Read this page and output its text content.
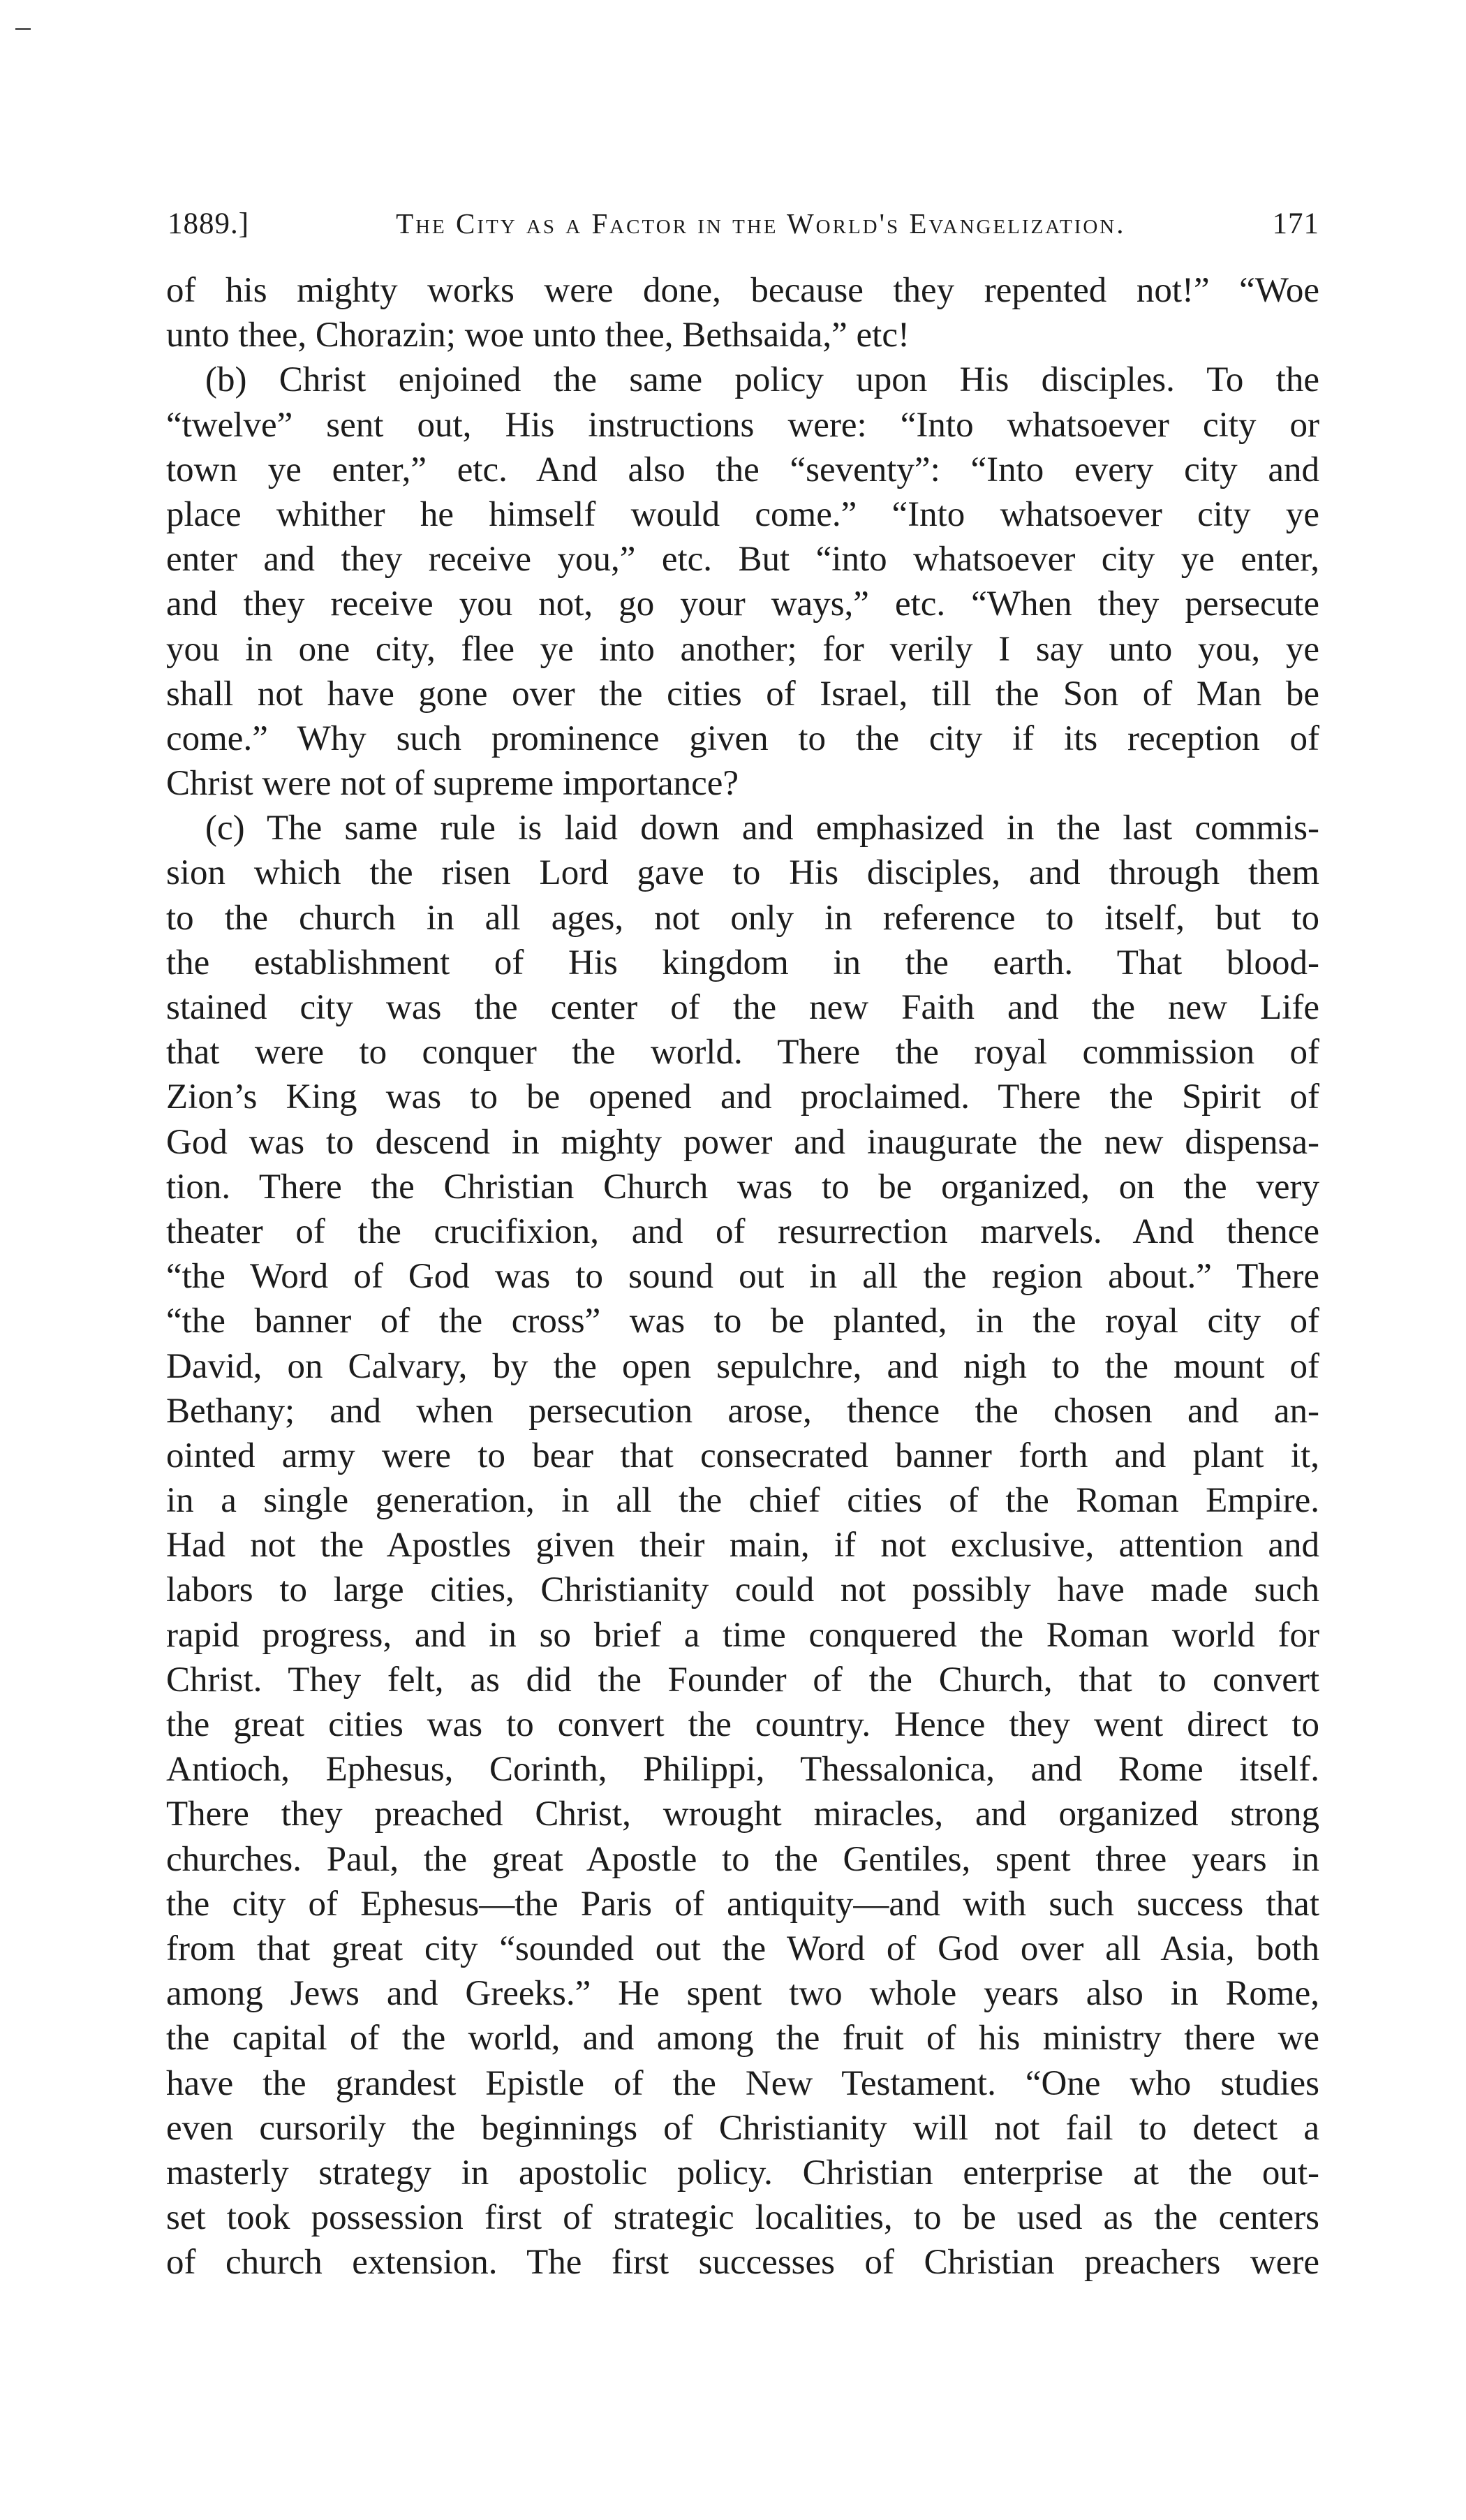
1889.]	The City as a Factor in the World's Evangelization.	171
of his mighty works were done, because they repented not!” “Woe
unto thee, Chorazin; woe unto thee, Bethsaida,” etc!
(b) Christ enjoined the same policy upon His disciples. To the
“twelve” sent out, His instructions were: “Into whatsoever city or
town ye enter,” etc. And also the “seventy”: “Into every city and
place whither he himself would come.” “Into whatsoever city ye
enter and they receive you,” etc. But “into whatsoever city ye enter,
and they receive you not, go your ways,” etc. “When they persecute
you in one city, flee ye into another; for verily I say unto you, ye
shall not have gone over the cities of Israel, till the Son of Man be
come.” Why such prominence given to the city if its reception of
Christ were not of supreme importance?
(c) The same rule is laid down and emphasized in the last commis-
sion which the risen Lord gave to His disciples, and through them
to the church in all ages, not only in reference to itself, but to
the establishment of His kingdom in the earth. That blood-
stained city was the center of the new Faith and the new Life
that were to conquer the world. There the royal commission of
Zion’s King was to be opened and proclaimed. There the Spirit of
God was to descend in mighty power and inaugurate the new dispensa-
tion. There the Christian Church was to be organized, on the very
theater of the crucifixion, and of resurrection marvels. And thence
“the Word of God was to sound out in all the region about.” There
“the banner of the cross” was to be planted, in the royal city of
David, on Calvary, by the open sepulchre, and nigh to the mount of
Bethany; and when persecution arose, thence the chosen and an-
ointed army were to bear that consecrated banner forth and plant it,
in a single generation, in all the chief cities of the Roman Empire.
Had not the Apostles given their main, if not exclusive, attention and
labors to large cities, Christianity could not possibly have made such
rapid progress, and in so brief a time conquered the Roman world for
Christ. They felt, as did the Founder of the Church, that to convert
the great cities was to convert the country. Hence they went direct to
Antioch, Ephesus, Corinth, Philippi, Thessalonica, and Rome itself.
There they preached Christ, wrought miracles, and organized strong
churches. Paul, the great Apostle to the Gentiles, spent three years in
the city of Ephesus—the Paris of antiquity—and with such success that
from that great city “sounded out the Word of God over all Asia, both
among Jews and Greeks.” He spent two whole years also in Rome,
the capital of the world, and among the fruit of his ministry there we
have the grandest Epistle of the New Testament. “One who studies
even cursorily the beginnings of Christianity will not fail to detect a
masterly strategy in apostolic policy. Christian enterprise at the out-
set took possession first of strategic localities, to be used as the centers
of church extension. The first successes of Christian preachers were
